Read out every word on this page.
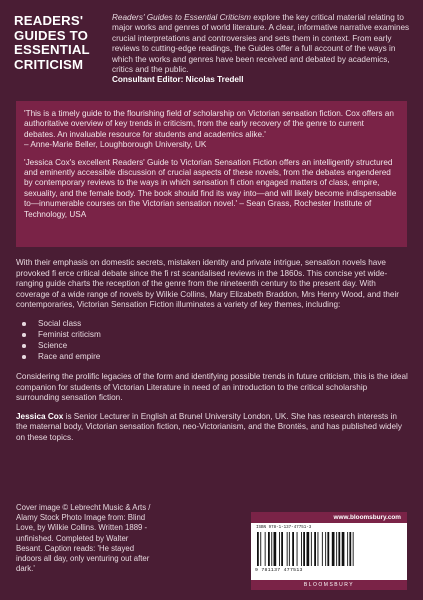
READERS'
GUIDES TO
ESSENTIAL
CRITICISM
Readers' Guides to Essential Criticism explore the key critical material relating to major works and genres of world literature. A clear, informative narrative examines crucial interpretations and controversies and sets them in context. From early reviews to cutting-edge readings, the Guides offer a full account of the ways in which the works and genres have been received and debated by academics, critics and the public.
Consultant Editor: Nicolas Tredell
'This is a timely guide to the flourishing field of scholarship on Victorian sensation fiction. Cox offers an authoritative overview of key trends in criticism, from the early recovery of the genre to current debates. An invaluable resource for students and academics alike.'
– Anne-Marie Beller, Loughborough University, UK
'Jessica Cox's excellent Readers' Guide to Victorian Sensation Fiction offers an intelligently structured and eminently accessible discussion of crucial aspects of these novels, from the debates engendered by contemporary reviews to the ways in which sensation fi ction engaged matters of class, empire, sexuality, and the female body. The book should find its way into—and will likely become indispensable to—innumerable courses on the Victorian sensation novel.' – Sean Grass, Rochester Institute of Technology, USA

With their emphasis on domestic secrets, mistaken identity and private intrigue, sensation novels have provoked fi erce critical debate since the fi rst scandalised reviews in the 1860s. This concise yet wide-ranging guide charts the reception of the genre from the nineteenth century to the present day. With coverage of a wide range of novels by Wilkie Collins, Mary Elizabeth Braddon, Mrs Henry Wood, and their contemporaries, Victorian Sensation Fiction illuminates a variety of key themes, including:

Social class
Feminist criticism
Science
Race and empire

Considering the prolific legacies of the form and identifying possible trends in future criticism, this is the ideal companion for students of Victorian Literature in need of an introduction to the critical scholarship surrounding sensation fiction.

Jessica Cox is Senior Lecturer in English at Brunel University London, UK. She has research interests in the maternal body, Victorian sensation fiction, neo-Victorianism, and the Brontës, and has published widely on these topics.

Cover image © Lebrecht Music & Arts / Alamy Stock Photo Image from: Blind Love, by Wilkie Collins. Written 1889 - unfinished. Completed by Walter Besant. Caption reads: 'He stayed indoors all day, only venturing out after dark.'
www.bloomsbury.com
ISBN 978-1-137-47751-3
9 781137 477513
BLOOMSBURY
